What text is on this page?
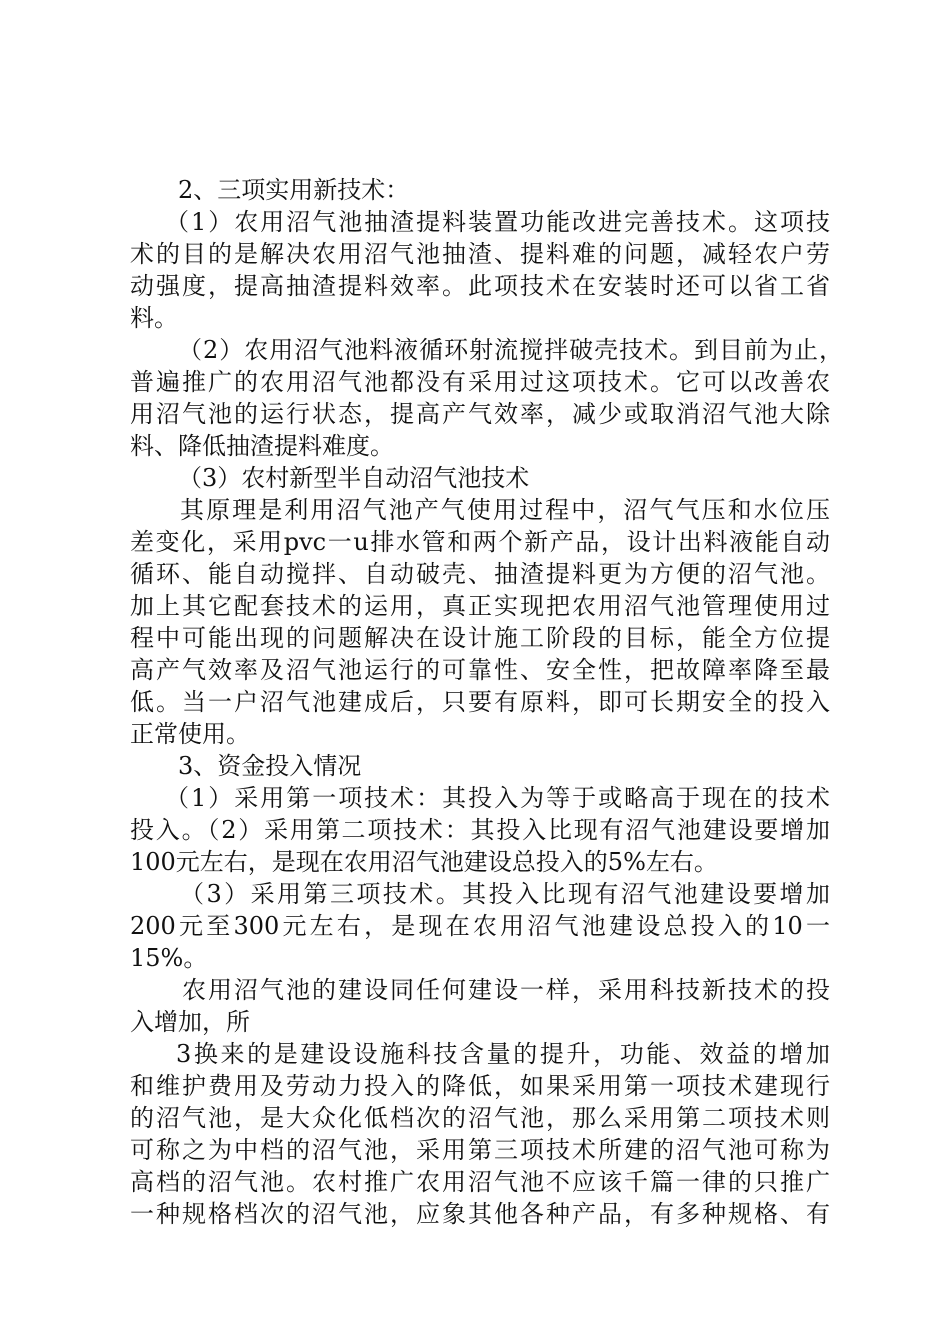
2、三项实用新技术：
（1）农用沼气池抽渣提料装置功能改进完善技术。这项技
术的目的是解决农用沼气池抽渣、提料难的问题，减轻农户劳
动强度，提高抽渣提料效率。此项技术在安装时还可以省工省
料。
（2）农用沼气池料液循环射流搅拌破壳技术。到目前为止，
普遍推广的农用沼气池都没有采用过这项技术。它可以改善农
用沼气池的运行状态，提高产气效率，减少或取消沼气池大除
料、降低抽渣提料难度。
（3）农村新型半自动沼气池技术
其原理是利用沼气池产气使用过程中，沼气气压和水位压
差变化，采用pvc一u排水管和两个新产品，设计出料液能自动
循环、能自动搅拌、自动破壳、抽渣提料更为方便的沼气池。
加上其它配套技术的运用，真正实现把农用沼气池管理使用过
程中可能出现的问题解决在设计施工阶段的目标，能全方位提
高产气效率及沼气池运行的可靠性、安全性，把故障率降至最
低。当一户沼气池建成后，只要有原料，即可长期安全的投入
正常使用。
3、资金投入情况
（1）采用第一项技术：其投入为等于或略高于现在的技术
投入。（2）采用第二项技术：其投入比现有沼气池建设要增加
100元左右，是现在农用沼气池建设总投入的5%左右。
（3）采用第三项技术。其投入比现有沼气池建设要增加
200元至300元左右，是现在农用沼气池建设总投入的10一
15%。
农用沼气池的建设同任何建设一样，采用科技新技术的投
入增加，所
3换来的是建设设施科技含量的提升，功能、效益的增加
和维护费用及劳动力投入的降低，如果采用第一项技术建现行
的沼气池，是大众化低档次的沼气池，那么采用第二项技术则
可称之为中档的沼气池，采用第三项技术所建的沼气池可称为
高档的沼气池。农村推广农用沼气池不应该千篇一律的只推广
一种规格档次的沼气池，应象其他各种产品，有多种规格、有
